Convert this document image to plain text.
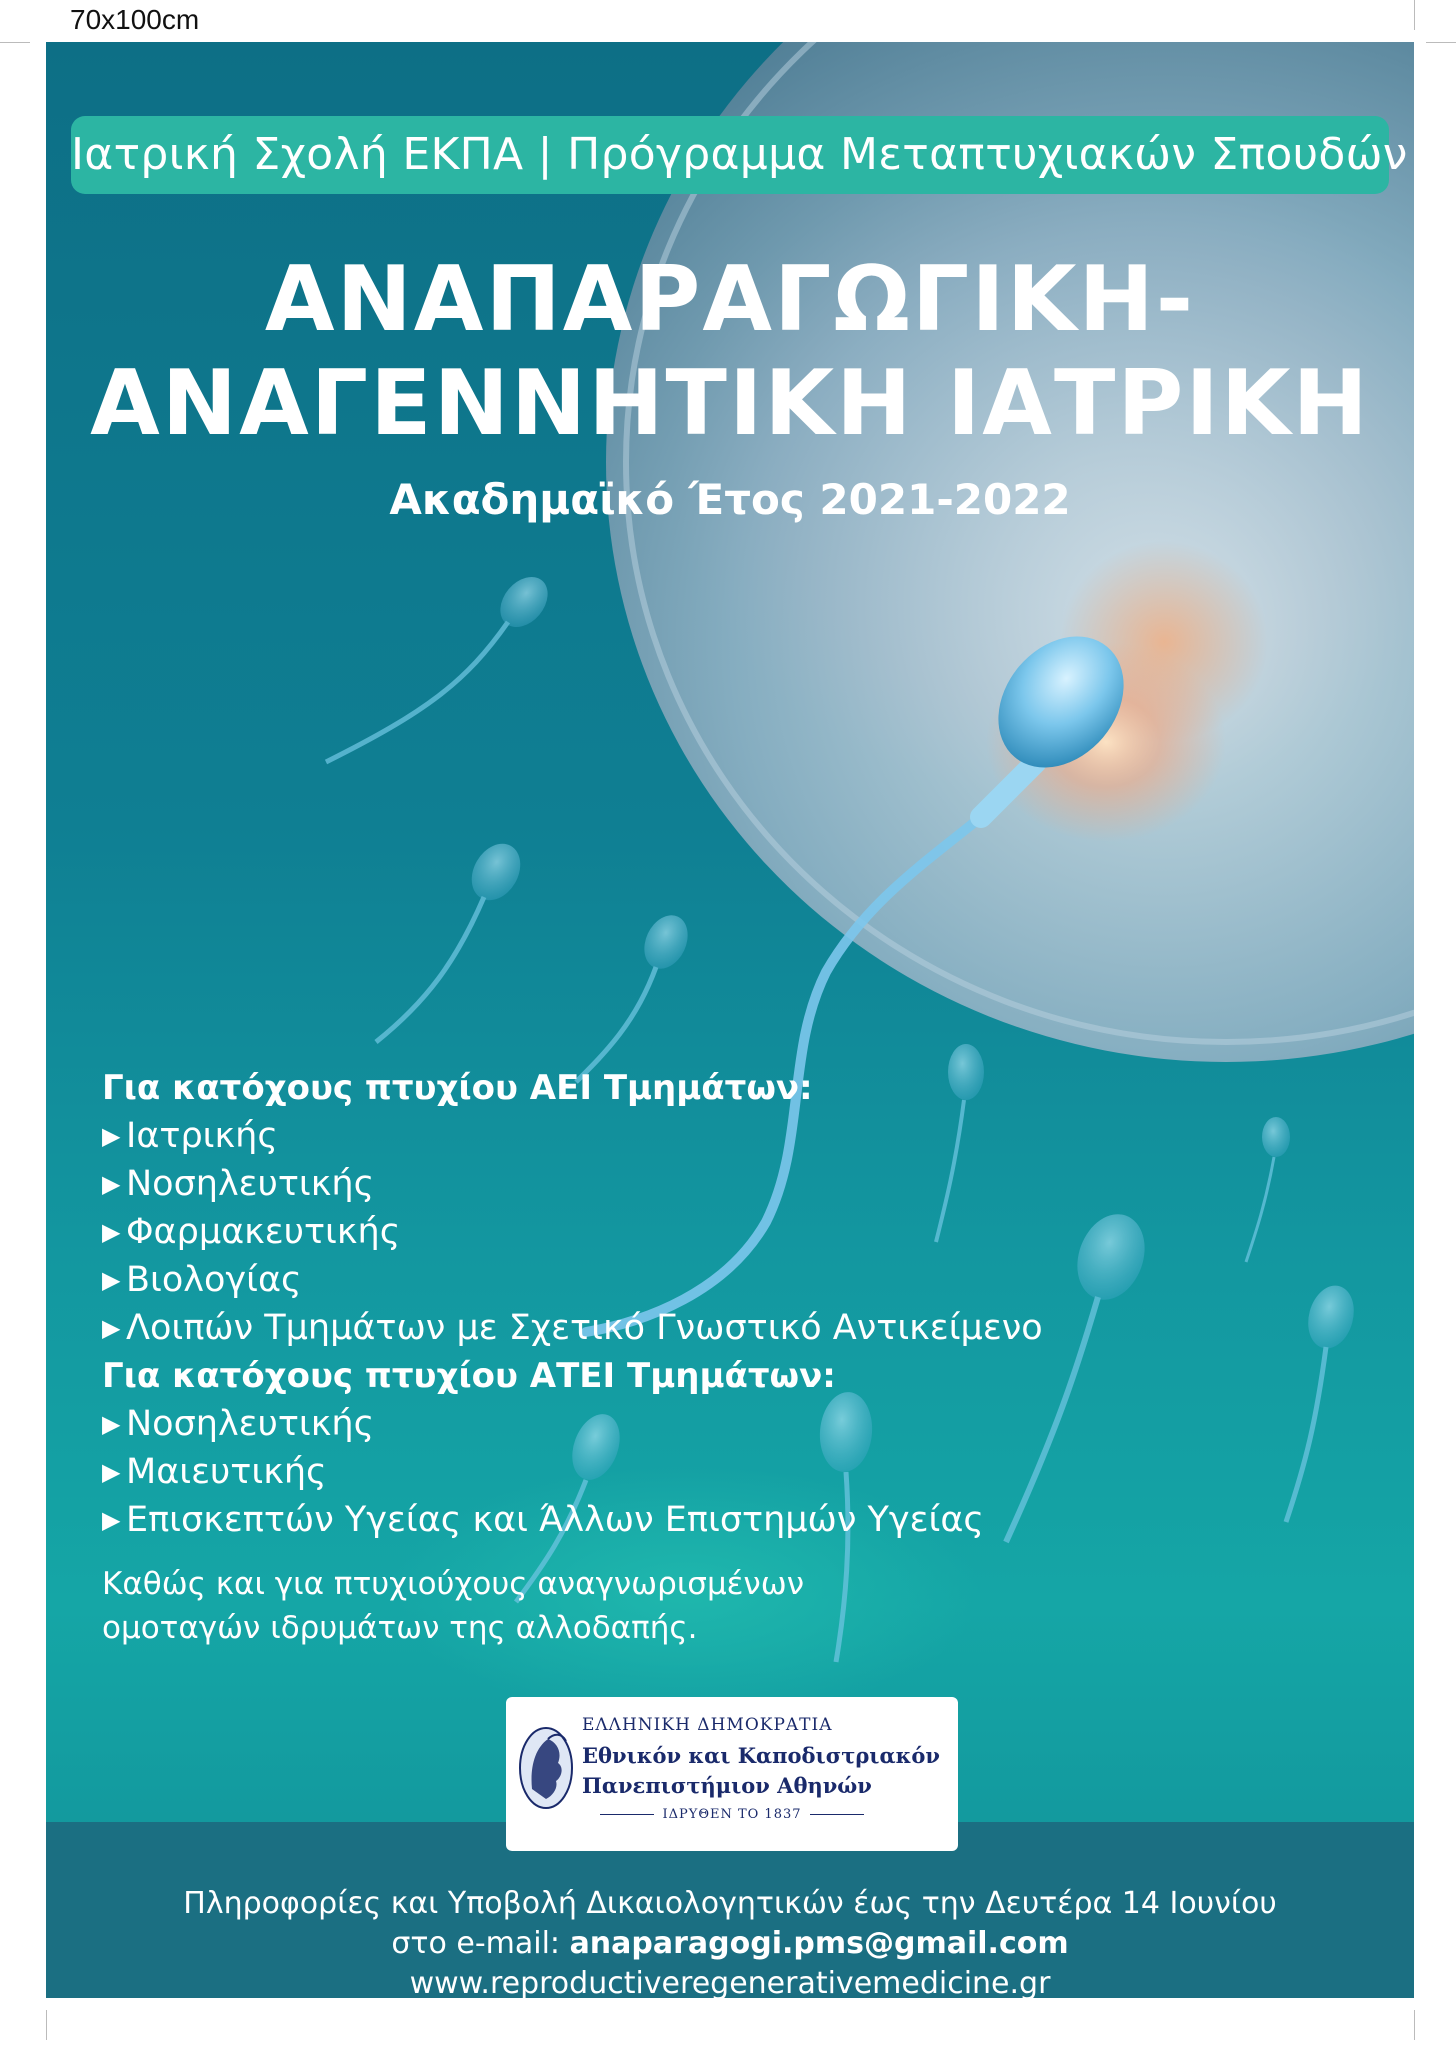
70x100cm
Ιατρική Σχολή ΕΚΠΑ | Πρόγραμμα Μεταπτυχιακών Σπουδών
ΑΝΑΠΑΡΑΓΩΓΙΚΗ-
ΑΝΑΓΕΝΝΗΤΙΚΗ ΙΑΤΡΙΚΗ
Ακαδημαϊκό Έτος 2021-2022
Για κατόχους πτυχίου ΑΕΙ Τμημάτων:
▶ Ιατρικής
▶ Νοσηλευτικής
▶ Φαρμακευτικής
▶ Βιολογίας
▶ Λοιπών Τμημάτων με Σχετικό Γνωστικό Αντικείμενο
Για κατόχους πτυχίου ΑΤΕΙ Τμημάτων:
▶ Νοσηλευτικής
▶ Μαιευτικής
▶ Επισκεπτών Υγείας και Άλλων Επιστημών Υγείας
Καθώς και για πτυχιούχους αναγνωρισμένων
ομοταγών ιδρυμάτων της αλλοδαπής.
Πληροφορίες και Υποβολή Δικαιολογητικών έως την Δευτέρα 14 Ιουνίου
στο e-mail: anaparagogi.pms@gmail.com
www.reproductiveregenerativemedicine.gr
ΕΛΛΗΝΙΚΗ ΔΗΜΟΚΡΑΤΙΑ
Εθνικόν και Καποδιστριακόν
Πανεπιστήμιον Αθηνών
ΙΔΡΥΘΕΝ ΤΟ 1837
